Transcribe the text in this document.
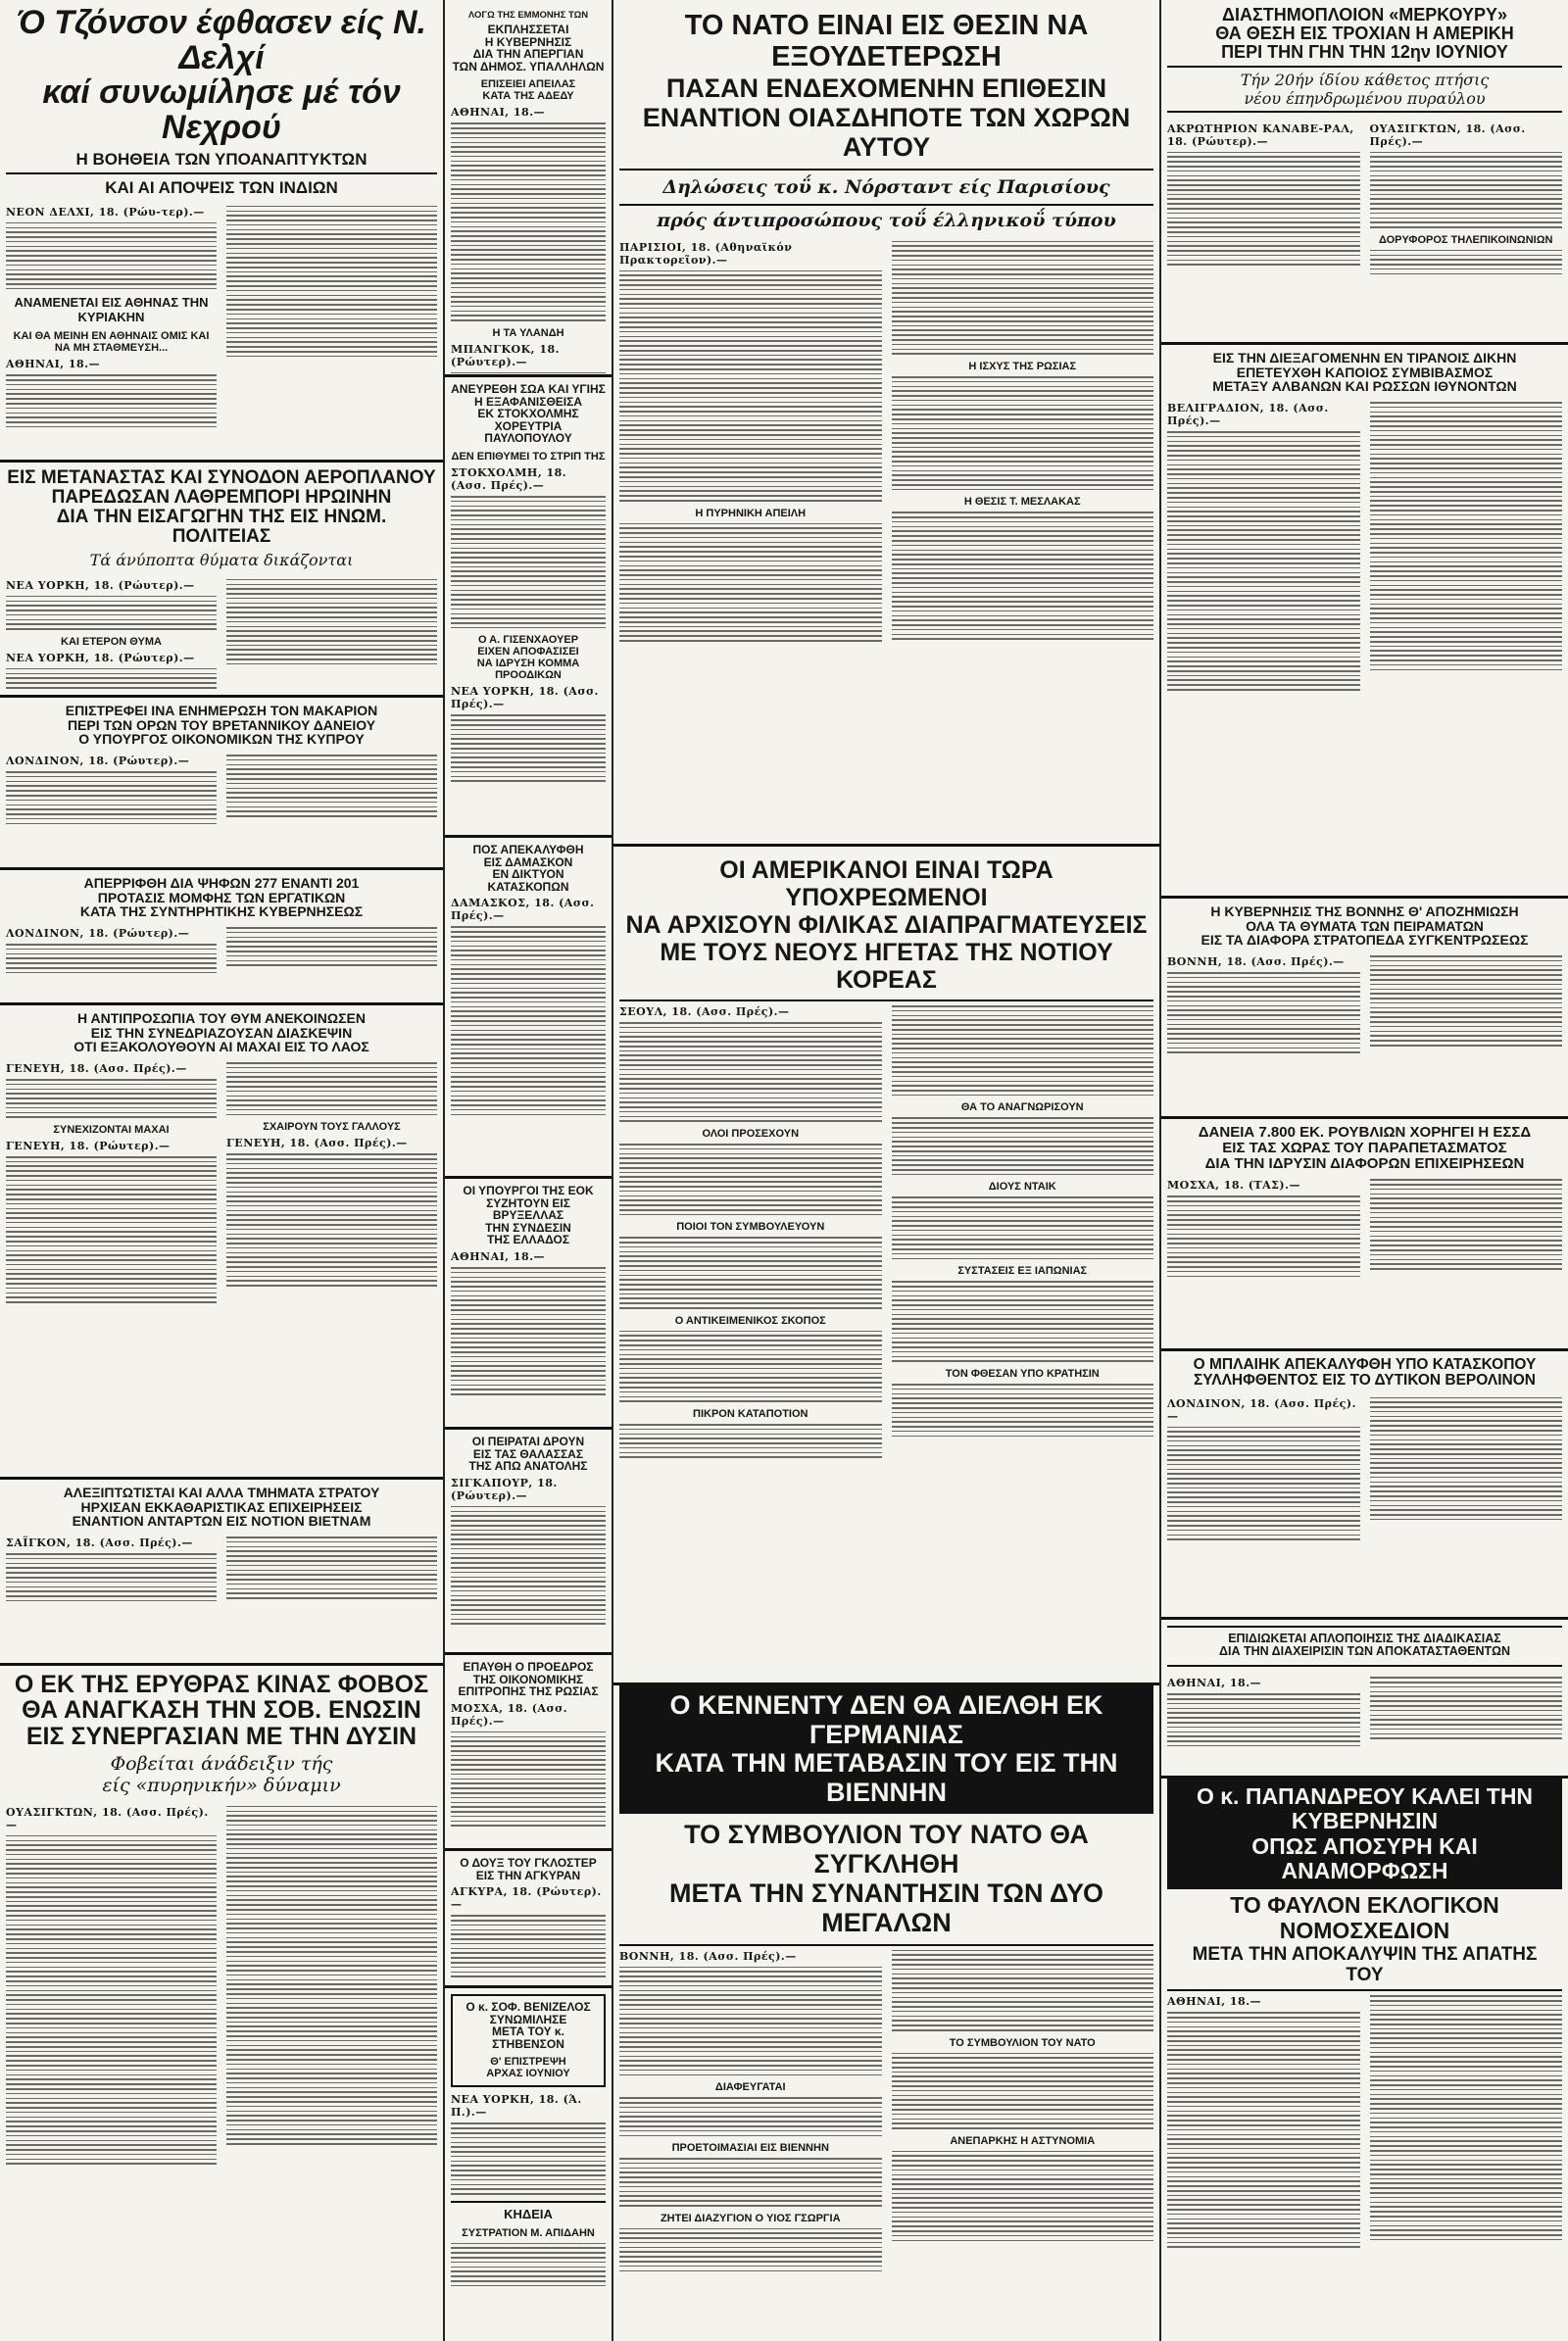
Ό Τζόνσον έφθασεν είς Ν. Δελχί
καί συνωμίλησε μέ τόν Νεχρού
Η ΒΟΗΘΕΙΑ ΤΩΝ ΥΠΟΑΝΑΠΤΥΚΤΩΝ
ΚΑΙ ΑΙ ΑΠΟΨΕΙΣ ΤΩΝ ΙΝΔΙΩΝ
ΝΕΟΝ ΔΕΛΧΙ, 18. (Ρώυ-τερ).—
ΑΝΑΜΕΝΕΤΑΙ ΕΙΣ ΑΘΗΝΑΣ ΤΗΝ ΚΥΡΙΑΚΗΝ
ΚΑΙ ΘΑ ΜΕΙΝΗ ΕΝ ΑΘΗΝΑΙΣ ΟΜΙΣ ΚΑΙ ΝΑ ΜΗ ΣΤΑΘΜΕΥΣΗ...
ΑΘΗΝΑΙ, 18.—
ΕΙΣ ΜΕΤΑΝΑΣΤΑΣ ΚΑΙ ΣΥΝΟΔΟΝ ΑΕΡΟΠΛΑΝΟΥ
ΠΑΡΕΔΩΣΑΝ ΛΑΘΡΕΜΠΟΡΙ ΗΡΩΙΝΗΝ
ΔΙΑ ΤΗΝ ΕΙΣΑΓΩΓΗΝ ΤΗΣ ΕΙΣ ΗΝΩΜ. ΠΟΛΙΤΕΙΑΣ
Τά άνύποπτα θύματα δικάζονται
ΝΕΑ ΥΟΡΚΗ, 18. (Ρώυτερ).—
ΚΑΙ ΕΤΕΡΟΝ ΘΥΜΑ
ΝΕΑ ΥΟΡΚΗ, 18. (Ρώυτερ).—
ΕΠΙΣΤΡΕΦΕΙ ΙΝΑ ΕΝΗΜΕΡΩΣΗ ΤΟΝ ΜΑΚΑΡΙΟΝ
ΠΕΡΙ ΤΩΝ ΟΡΩΝ ΤΟΥ ΒΡΕΤΑΝΝΙΚΟΥ ΔΑΝΕΙΟΥ
Ο ΥΠΟΥΡΓΟΣ ΟΙΚΟΝΟΜΙΚΩΝ ΤΗΣ ΚΥΠΡΟΥ
ΛΟΝΔΙΝΟΝ, 18. (Ρώυτερ).—
ΑΠΕΡΡΙΦΘΗ ΔΙΑ ΨΗΦΩΝ 277 ΕΝΑΝΤΙ 201
ΠΡΟΤΑΣΙΣ ΜΟΜΦΗΣ ΤΩΝ ΕΡΓΑΤΙΚΩΝ
ΚΑΤΑ ΤΗΣ ΣΥΝΤΗΡΗΤΙΚΗΣ ΚΥΒΕΡΝΗΣΕΩΣ
ΛΟΝΔΙΝΟΝ, 18. (Ρώυτερ).—
Η ΑΝΤΙΠΡΟΣΩΠΙΑ ΤΟΥ ΘΥΜ ΑΝΕΚΟΙΝΩΣΕΝ
ΕΙΣ ΤΗΝ ΣΥΝΕΔΡΙΑΖΟΥΣΑΝ ΔΙΑΣΚΕΨΙΝ
ΟΤΙ ΕΞΑΚΟΛΟΥΘΟΥΝ ΑΙ ΜΑΧΑΙ ΕΙΣ ΤΟ ΛΑΟΣ
ΓΕΝΕΥΗ, 18. (Ασσ. Πρές).—
ΣΥΝΕΧΙΖΟΝΤΑΙ ΜΑΧΑΙ
ΓΕΝΕΥΗ, 18. (Ρώυτερ).—
ΣΧΑΙΡΟΥΝ ΤΟΥΣ ΓΑΛΛΟΥΣ
ΓΕΝΕΥΗ, 18. (Ασσ. Πρές).—
ΑΛΕΞΙΠΤΩΤΙΣΤΑΙ ΚΑΙ ΑΛΛΑ ΤΜΗΜΑΤΑ ΣΤΡΑΤΟΥ
ΗΡΧΙΣΑΝ ΕΚΚΑΘΑΡΙΣΤΙΚΑΣ ΕΠΙΧΕΙΡΗΣΕΙΣ
ΕΝΑΝΤΙΟΝ ΑΝΤΑΡΤΩΝ ΕΙΣ ΝΟΤΙΟΝ ΒΙΕΤΝΑΜ
ΣΑΪΓΚΟΝ, 18. (Ασσ. Πρές).—
Ο ΕΚ ΤΗΣ ΕΡΥΘΡΑΣ ΚΙΝΑΣ ΦΟΒΟΣ
ΘΑ ΑΝΑΓΚΑΣΗ ΤΗΝ ΣΟΒ. ΕΝΩΣΙΝ
ΕΙΣ ΣΥΝΕΡΓΑΣΙΑΝ ΜΕ ΤΗΝ ΔΥΣΙΝ
Φοβείται άνάδειξιν τής
είς «πυρηνικήν» δύναμιν
ΟΥΑΣΙΓΚΤΩΝ, 18. (Ασσ. Πρές).—
ΛΟΓΩ ΤΗΣ ΕΜΜΟΝΗΣ ΤΩΝ
ΕΚΠΛΗΣΣΕΤΑΙ
Η ΚΥΒΕΡΝΗΣΙΣ
ΔΙΑ ΤΗΝ ΑΠΕΡΓΙΑΝ
ΤΩΝ ΔΗΜΟΣ. ΥΠΑΛΛΗΛΩΝ
ΕΠΙΣΕΙΕΙ ΑΠΕΙΛΑΣ
ΚΑΤΑ ΤΗΣ ΑΔΕΔΥ
ΑΘΗΝΑΙ, 18.—
Η ΤΑ ΥΛΑΝΔΗ
ΜΠΑΝΓΚΟΚ, 18. (Ρώυτερ).—
ΑΝΕΥΡΕΘΗ ΣΩΑ ΚΑΙ ΥΓΙΗΣ
Η ΕΞΑΦΑΝΙΣΘΕΙΣΑ
ΕΚ ΣΤΟΚΧΟΛΜΗΣ
ΧΟΡΕΥΤΡΙΑ ΠΑΥΛΟΠΟΥΛΟΥ
ΔΕΝ ΕΠΙΘΥΜΕΙ ΤΟ ΣΤΡΙΠ ΤΗΣ
ΣΤΟΚΧΟΛΜΗ, 18. (Ασσ. Πρές).—
Ο Α. ΓΙΣΕΝΧΑΟΥΕΡ
ΕΙΧΕΝ ΑΠΟΦΑΣΙΣΕΙ
ΝΑ ΙΔΡΥΣΗ ΚΟΜΜΑ
ΠΡΟΟΔΙΚΩΝ
ΝΕΑ ΥΟΡΚΗ, 18. (Ασσ. Πρές).—
ΠΟΣ ΑΠΕΚΑΛΥΦΘΗ
ΕΙΣ ΔΑΜΑΣΚΟΝ
ΕΝ ΔΙΚΤΥΟΝ
ΚΑΤΑΣΚΟΠΩΝ
ΔΑΜΑΣΚΟΣ, 18. (Ασσ. Πρές).—
ΟΙ ΥΠΟΥΡΓΟΙ ΤΗΣ ΕΟΚ
ΣΥΖΗΤΟΥΝ ΕΙΣ ΒΡΥΞΕΛΛΑΣ
ΤΗΝ ΣΥΝΔΕΣΙΝ
ΤΗΣ ΕΛΛΑΔΟΣ
ΑΘΗΝΑΙ, 18.—
ΟΙ ΠΕΙΡΑΤΑΙ ΔΡΟΥΝ
ΕΙΣ ΤΑΣ ΘΑΛΑΣΣΑΣ
ΤΗΣ ΑΠΩ ΑΝΑΤΟΛΗΣ
ΣΙΓΚΑΠΟΥΡ, 18. (Ρώυτερ).—
ΕΠΑΥΘΗ Ο ΠΡΟΕΔΡΟΣ
ΤΗΣ ΟΙΚΟΝΟΜΙΚΗΣ
ΕΠΙΤΡΟΠΗΣ ΤΗΣ ΡΩΣΙΑΣ
ΜΟΣΧΑ, 18. (Ασσ. Πρές).—
Ο ΔΟΥΞ ΤΟΥ ΓΚΛΟΣΤΕΡ
ΕΙΣ ΤΗΝ ΑΓΚΥΡΑΝ
ΑΓΚΥΡΑ, 18. (Ρώυτερ).—
Ο κ. ΣΟΦ. ΒΕΝΙΖΕΛΟΣ
ΣΥΝΩΜΙΛΗΣΕ
ΜΕΤΑ ΤΟΥ κ. ΣΤΗΒΕΝΣΟΝ
Θ' ΕΠΙΣΤΡΕΨΗ
ΑΡΧΑΣ ΙΟΥΝΙΟΥ
ΝΕΑ ΥΟΡΚΗ, 18. (Ά. Π.).—
ΚΗΔΕΙΑ
ΣΥΣΤΡΑΤΙΟΝ Μ. ΑΠΙΔΑΗΝ
ΤΟ ΝΑΤΟ ΕΙΝΑΙ ΕΙΣ ΘΕΣΙΝ ΝΑ ΕΞΟΥΔΕΤΕΡΩΣΗ
ΠΑΣΑΝ ΕΝΔΕΧΟΜΕΝΗΝ ΕΠΙΘΕΣΙΝ
ΕΝΑΝΤΙΟΝ ΟΙΑΣΔΗΠΟΤΕ ΤΩΝ ΧΩΡΩΝ ΑΥΤΟΥ
Δηλώσεις τοΰ κ. Νόρσταντ είς Παρισίους
πρός άντιπροσώπους τοΰ έλληνικοΰ τύπου
ΠΑΡΙΣΙΟΙ, 18. (Αθηναϊκόν Πρακτορεῖον).—
Η ΠΥΡΗΝΙΚΗ ΑΠΕΙΛΗ
Η ΙΣΧΥΣ ΤΗΣ ΡΩΣΙΑΣ
Η ΘΕΣΙΣ Τ. ΜΕΣΛΑΚΑΣ
ΟΙ ΑΜΕΡΙΚΑΝΟΙ ΕΙΝΑΙ ΤΩΡΑ ΥΠΟΧΡΕΩΜΕΝΟΙ
ΝΑ ΑΡΧΙΣΟΥΝ ΦΙΛΙΚΑΣ ΔΙΑΠΡΑΓΜΑΤΕΥΣΕΙΣ
ΜΕ ΤΟΥΣ ΝΕΟΥΣ ΗΓΕΤΑΣ ΤΗΣ ΝΟΤΙΟΥ ΚΟΡΕΑΣ
ΣΕΟΥΛ, 18. (Ασσ. Πρές).—
ΟΛΟΙ ΠΡΟΣΕΧΟΥΝ
ΠΟΙΟΙ ΤΟΝ ΣΥΜΒΟΥΛΕΥΟΥΝ
Ο ΑΝΤΙΚΕΙΜΕΝΙΚΟΣ ΣΚΟΠΟΣ
ΠΙΚΡΟΝ ΚΑΤΑΠΟΤΙΟΝ
ΘΑ ΤΟ ΑΝΑΓΝΩΡΙΣΟΥΝ
ΔΙΟΥΣ ΝΤΑΙΚ
ΣΥΣΤΑΣΕΙΣ ΕΞ ΙΑΠΩΝΙΑΣ
ΤΟΝ ΦΘΕΣΑΝ ΥΠΟ ΚΡΑΤΗΣΙΝ
Ο ΚΕΝΝΕΝΤΥ ΔΕΝ ΘΑ ΔΙΕΛΘΗ ΕΚ ΓΕΡΜΑΝΙΑΣ
ΚΑΤΑ ΤΗΝ ΜΕΤΑΒΑΣΙΝ ΤΟΥ ΕΙΣ ΤΗΝ ΒΙΕΝΝΗΝ
ΤΟ ΣΥΜΒΟΥΛΙΟΝ ΤΟΥ ΝΑΤΟ ΘΑ ΣΥΓΚΛΗΘΗ
ΜΕΤΑ ΤΗΝ ΣΥΝΑΝΤΗΣΙΝ ΤΩΝ ΔΥΟ ΜΕΓΑΛΩΝ
ΒΟΝΝΗ, 18. (Ασσ. Πρές).—
ΔΙΑΦΕΥΓΑΤΑΙ
ΠΡΟΕΤΟΙΜΑΣΙΑΙ ΕΙΣ ΒΙΕΝΝΗΝ
ΖΗΤΕΙ ΔΙΑΖΥΓΙΟΝ Ο ΥΙΟΣ ΓΣΩΡΓΙΑ
ΤΟ ΣΥΜΒΟΥΛΙΟΝ ΤΟΥ ΝΑΤΟ
ΑΝΕΠΑΡΚΗΣ Η ΑΣΤΥΝΟΜΙΑ
ΔΙΑΣΤΗΜΟΠΛΟΙΟΝ «ΜΕΡΚΟΥΡΥ»
ΘΑ ΘΕΣΗ ΕΙΣ ΤΡΟΧΙΑΝ Η ΑΜΕΡΙΚΗ
ΠΕΡΙ ΤΗΝ ΓΗΝ ΤΗΝ 12ην ΙΟΥΝΙΟΥ
Τήν 20ήν ίδίου κάθετος πτήσις
νέου έπηνδρωμένου πυραύλου
ΑΚΡΩΤΗΡΙΟΝ ΚΑΝΑΒΕ-ΡΑΛ, 18. (Ρώυτερ).—
ΟΥΑΣΙΓΚΤΩΝ, 18. (Ασσ. Πρές).—
ΔΟΡΥΦΟΡΟΣ ΤΗΛΕΠΙΚΟΙΝΩΝΙΩΝ
ΕΙΣ ΤΗΝ ΔΙΕΞΑΓΟΜΕΝΗΝ ΕΝ ΤΙΡΑΝΟΙΣ ΔΙΚΗΝ
ΕΠΕΤΕΥΧΘΗ ΚΑΠΟΙΟΣ ΣΥΜΒΙΒΑΣΜΟΣ
ΜΕΤΑΞΥ ΑΛΒΑΝΩΝ ΚΑΙ ΡΩΣΣΩΝ ΙΘΥΝΟΝΤΩΝ
ΒΕΛΙΓΡΑΔΙΟΝ, 18. (Ασσ. Πρές).—
Η ΚΥΒΕΡΝΗΣΙΣ ΤΗΣ ΒΟΝΝΗΣ Θ' ΑΠΟΖΗΜΙΩΣΗ
ΟΛΑ ΤΑ ΘΥΜΑΤΑ ΤΩΝ ΠΕΙΡΑΜΑΤΩΝ
ΕΙΣ ΤΑ ΔΙΑΦΟΡΑ ΣΤΡΑΤΟΠΕΔΑ ΣΥΓΚΕΝΤΡΩΣΕΩΣ
ΒΟΝΝΗ, 18. (Ασσ. Πρές).—
ΔΑΝΕΙΑ 7.800 ΕΚ. ΡΟΥΒΛΙΩΝ ΧΟΡΗΓΕΙ Η ΕΣΣΔ
ΕΙΣ ΤΑΣ ΧΩΡΑΣ ΤΟΥ ΠΑΡΑΠΕΤΑΣΜΑΤΟΣ
ΔΙΑ ΤΗΝ ΙΔΡΥΣΙΝ ΔΙΑΦΟΡΩΝ ΕΠΙΧΕΙΡΗΣΕΩΝ
ΜΟΣΧΑ, 18. (ΤΑΣ).—
Ο ΜΠΛΑΙΗΚ ΑΠΕΚΑΛΥΦΘΗ ΥΠΟ ΚΑΤΑΣΚΟΠΟΥ
ΣΥΛΛΗΦΘΕΝΤΟΣ ΕΙΣ ΤΟ ΔΥΤΙΚΟΝ ΒΕΡΟΛΙΝΟΝ
ΛΟΝΔΙΝΟΝ, 18. (Ασσ. Πρές).—
ΕΠΙΔΙΩΚΕΤΑΙ ΑΠΛΟΠΟΙΗΣΙΣ ΤΗΣ ΔΙΑΔΙΚΑΣΙΑΣ
ΔΙΑ ΤΗΝ ΔΙΑΧΕΙΡΙΣΙΝ ΤΩΝ ΑΠΟΚΑΤΑΣΤΑΘΕΝΤΩΝ
ΑΘΗΝΑΙ, 18.—
Ο κ. ΠΑΠΑΝΔΡΕΟΥ ΚΑΛΕΙ ΤΗΝ ΚΥΒΕΡΝΗΣΙΝ
ΟΠΩΣ ΑΠΟΣΥΡΗ ΚΑΙ ΑΝΑΜΟΡΦΩΣΗ
ΤΟ ΦΑΥΛΟΝ ΕΚΛΟΓΙΚΟΝ ΝΟΜΟΣΧΕΔΙΟΝ
ΜΕΤΑ ΤΗΝ ΑΠΟΚΑΛΥΨΙΝ ΤΗΣ ΑΠΑΤΗΣ ΤΟΥ
ΑΘΗΝΑΙ, 18.—
